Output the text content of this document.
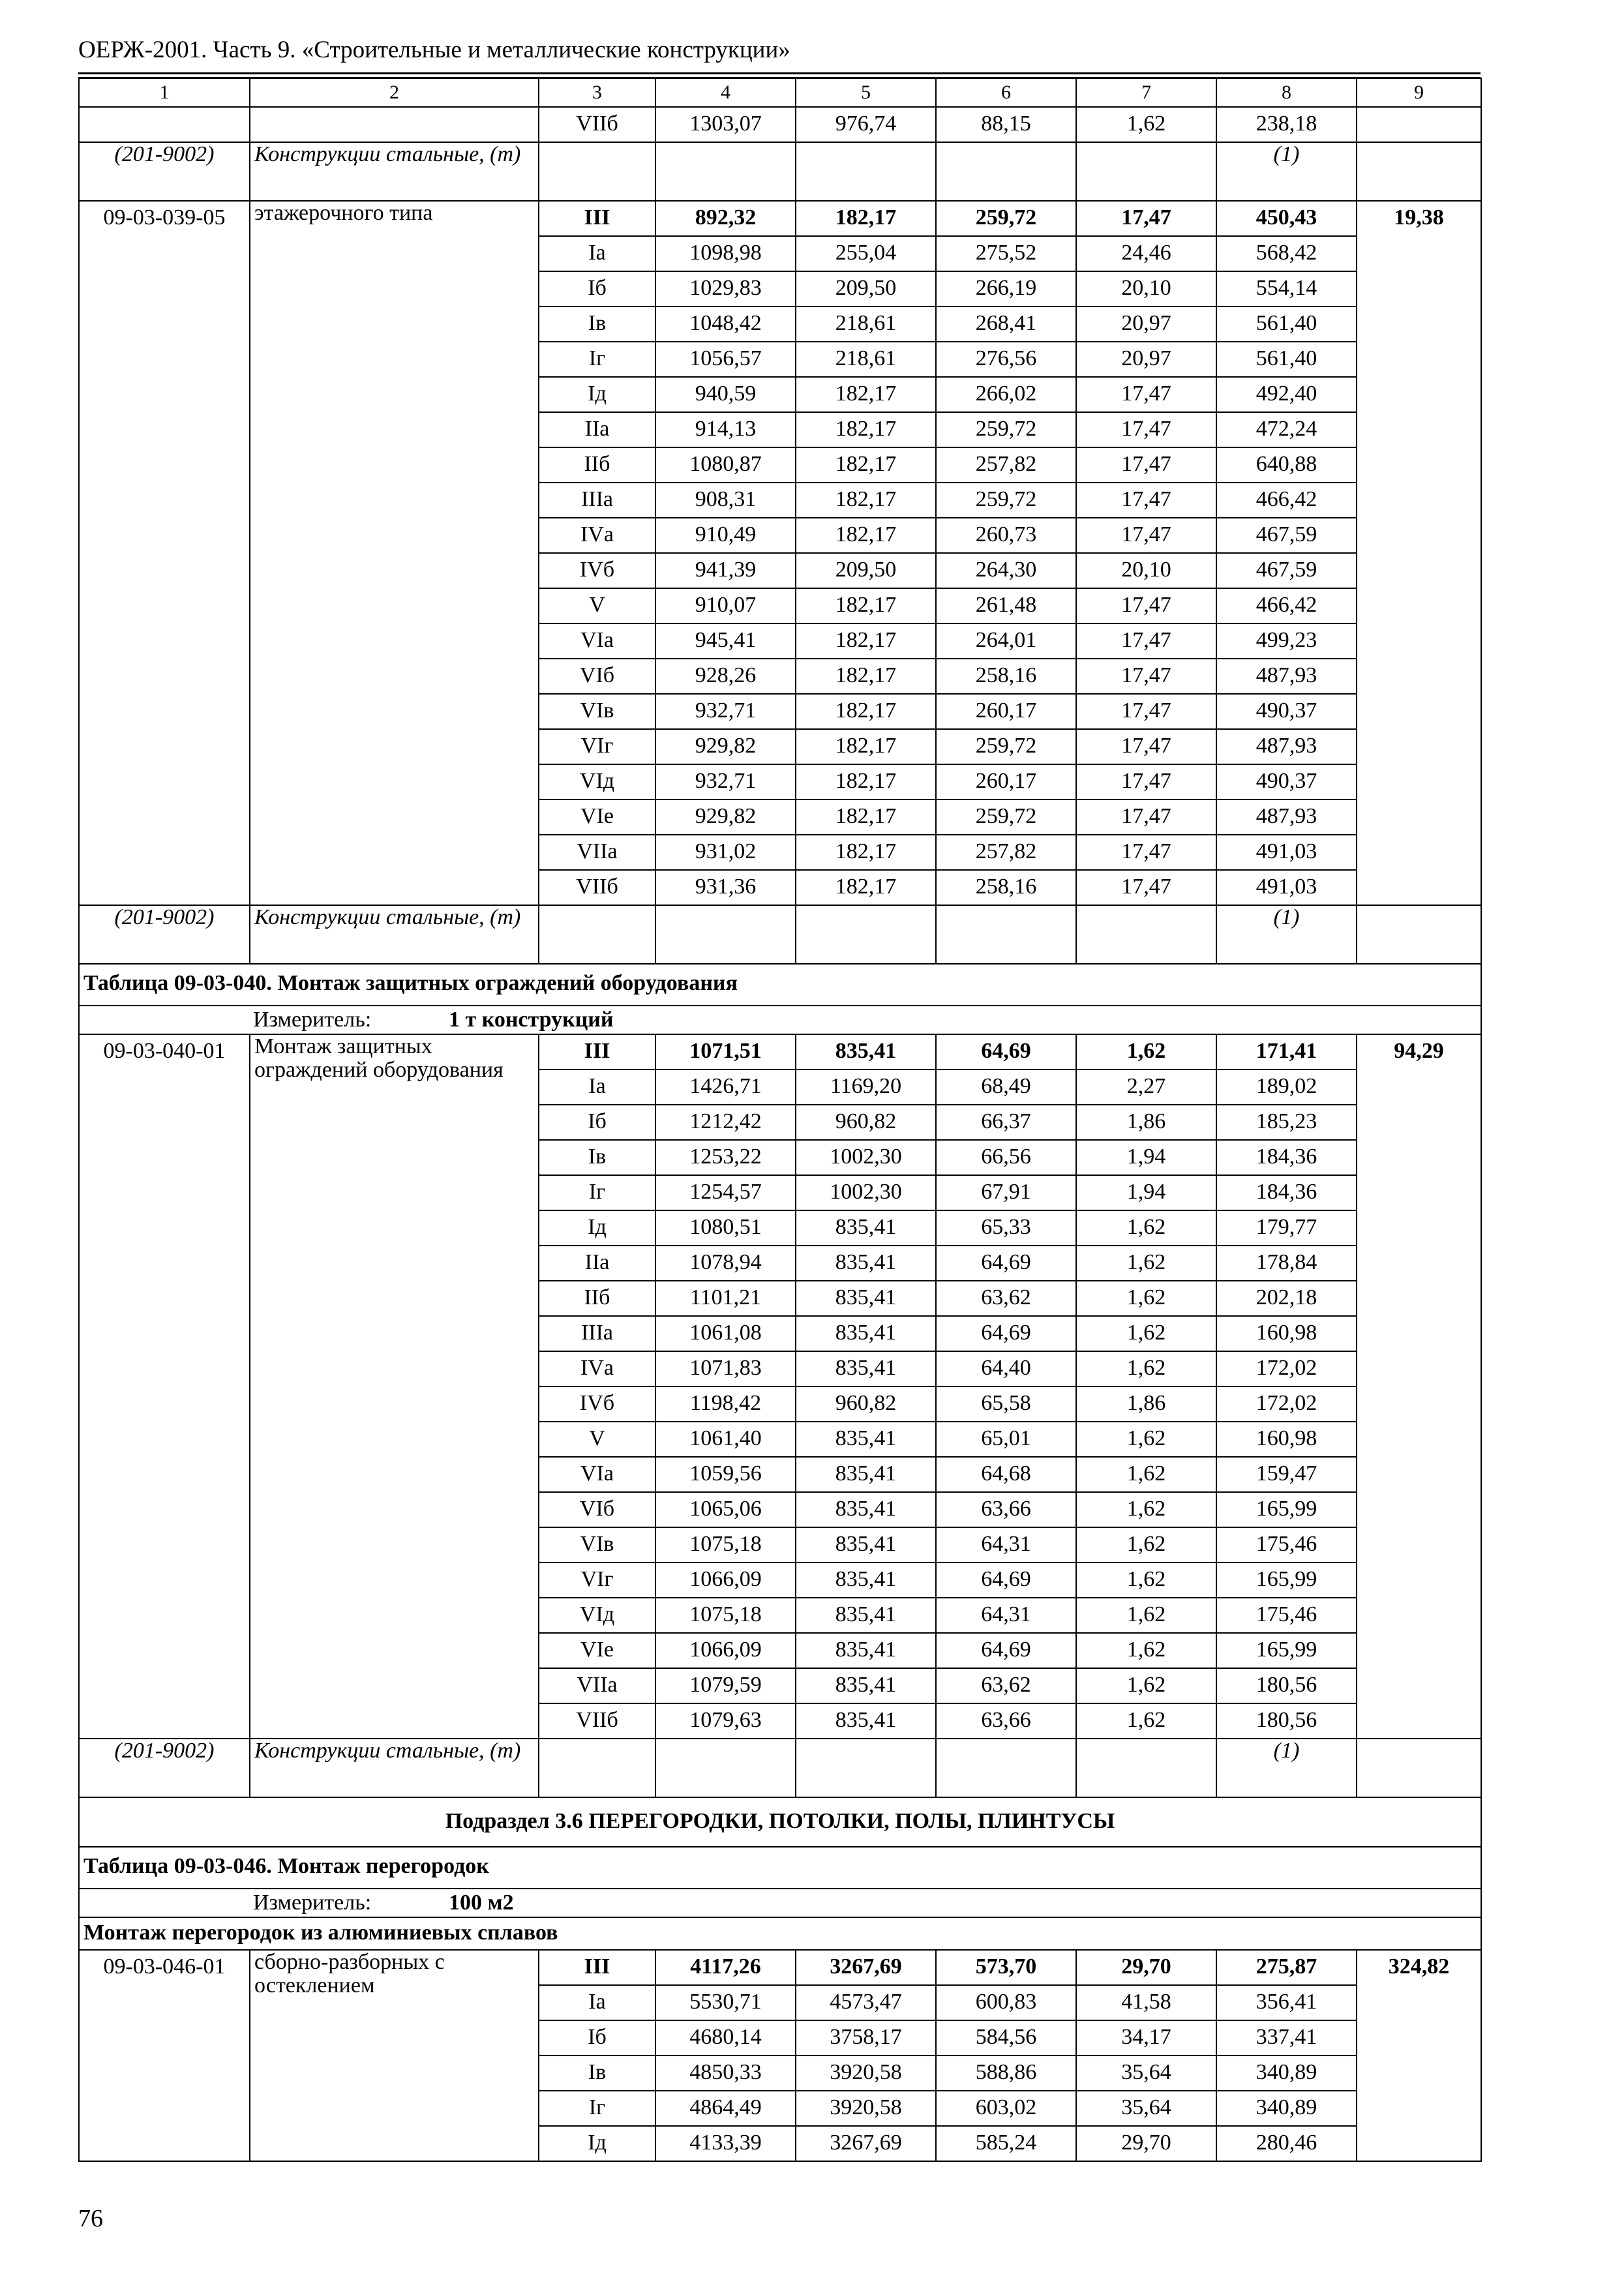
ОЕРЖ-2001. Часть 9. «Строительные и металлические конструкции»
1	2	3	4	5	6	7	8	9
		VIIб	1303,07	976,74	88,15	1,62	238,18	
(201-9002)	Конструкции стальные, (т)						(1)	
09-03-039-05	этажерочного типа	III	892,32	182,17	259,72	17,47	450,43	19,38
		Iа	1098,98	255,04	275,52	24,46	568,42	
		Iб	1029,83	209,50	266,19	20,10	554,14	
		Iв	1048,42	218,61	268,41	20,97	561,40	
		Iг	1056,57	218,61	276,56	20,97	561,40	
		Iд	940,59	182,17	266,02	17,47	492,40	
		IIа	914,13	182,17	259,72	17,47	472,24	
		IIб	1080,87	182,17	257,82	17,47	640,88	
		IIIа	908,31	182,17	259,72	17,47	466,42	
		IVа	910,49	182,17	260,73	17,47	467,59	
		IVб	941,39	209,50	264,30	20,10	467,59	
		V	910,07	182,17	261,48	17,47	466,42	
		VIа	945,41	182,17	264,01	17,47	499,23	
		VIб	928,26	182,17	258,16	17,47	487,93	
		VIв	932,71	182,17	260,17	17,47	490,37	
		VIг	929,82	182,17	259,72	17,47	487,93	
		VIд	932,71	182,17	260,17	17,47	490,37	
		VIе	929,82	182,17	259,72	17,47	487,93	
		VIIа	931,02	182,17	257,82	17,47	491,03	
		VIIб	931,36	182,17	258,16	17,47	491,03	
(201-9002)	Конструкции стальные, (т)						(1)	
Таблица 09-03-040. Монтаж защитных ограждений оборудования								
Измеритель: 1 т конструкций								
09-03-040-01	Монтаж защитных ограждений оборудования	III	1071,51	835,41	64,69	1,62	171,41	94,29
		Iа	1426,71	1169,20	68,49	2,27	189,02	
		Iб	1212,42	960,82	66,37	1,86	185,23	
		Iв	1253,22	1002,30	66,56	1,94	184,36	
		Iг	1254,57	1002,30	67,91	1,94	184,36	
		Iд	1080,51	835,41	65,33	1,62	179,77	
		IIа	1078,94	835,41	64,69	1,62	178,84	
		IIб	1101,21	835,41	63,62	1,62	202,18	
		IIIа	1061,08	835,41	64,69	1,62	160,98	
		IVа	1071,83	835,41	64,40	1,62	172,02	
		IVб	1198,42	960,82	65,58	1,86	172,02	
		V	1061,40	835,41	65,01	1,62	160,98	
		VIа	1059,56	835,41	64,68	1,62	159,47	
		VIб	1065,06	835,41	63,66	1,62	165,99	
		VIв	1075,18	835,41	64,31	1,62	175,46	
		VIг	1066,09	835,41	64,69	1,62	165,99	
		VIд	1075,18	835,41	64,31	1,62	175,46	
		VIе	1066,09	835,41	64,69	1,62	165,99	
		VIIа	1079,59	835,41	63,62	1,62	180,56	
		VIIб	1079,63	835,41	63,66	1,62	180,56	
(201-9002)	Конструкции стальные, (т)						(1)	
Подраздел 3.6 ПЕРЕГОРОДКИ, ПОТОЛКИ, ПОЛЫ, ПЛИНТУСЫ								
Таблица 09-03-046. Монтаж перегородок								
Измеритель: 100 м2								
Монтаж перегородок из алюминиевых сплавов								
09-03-046-01	сборно-разборных с остеклением	III	4117,26	3267,69	573,70	29,70	275,87	324,82
		Iа	5530,71	4573,47	600,83	41,58	356,41	
		Iб	4680,14	3758,17	584,56	34,17	337,41	
		Iв	4850,33	3920,58	588,86	35,64	340,89	
		Iг	4864,49	3920,58	603,02	35,64	340,89	
		Iд	4133,39	3267,69	585,24	29,70	280,46	
76
